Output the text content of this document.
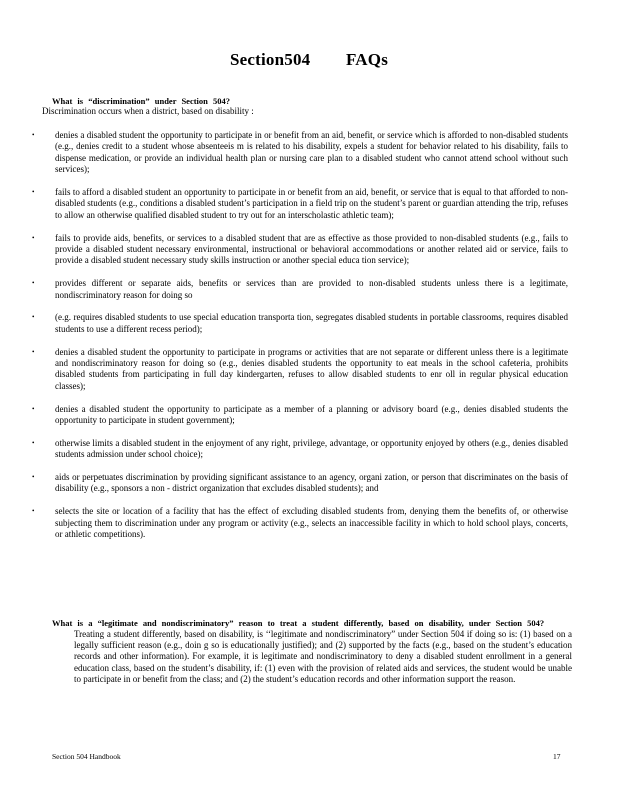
Section504        FAQs
What is “discrimination” under Section 504?
Discrimination occurs when a district, based on disability :
• denies a disabled student the opportunity to participate in or benefit from an aid, benefit, or service which is afforded to non-disabled students (e.g., denies credit to a student whose absenteeis m is related to his disability, expels a student for behavior related to his disability, fails to dispense medication, or provide an individual health plan or nursing care plan to a disabled student who cannot attend school without such services);
• fails to afford a disabled student an opportunity to participate in or benefit from an aid, benefit, or service that is equal to that afforded to non-disabled students (e.g., conditions a disabled student’s participation in a field trip on the student’s parent or guardian attending the trip, refuses to allow an otherwise qualified disabled student to try out for an interscholastic athletic team);
• fails to provide aids, benefits, or services to a disabled student that are as effective as those provided to non-disabled students (e.g., fails to provide a disabled student necessary environmental, instructional or behavioral accommodations or another related aid or service, fails to provide a disabled student necessary study skills instruction or another special educa tion service);
• provides different or separate aids, benefits or services than are provided to non-disabled students unless there is a legitimate, nondiscriminatory reason for doing so
• (e.g. requires disabled students to use special education transporta tion, segregates disabled students in portable classrooms, requires disabled students to use a different recess period);
• denies a disabled student the opportunity to participate in programs or activities that are not separate or different unless there is a legitimate and nondiscriminatory reason for doing so (e.g., denies disabled students the opportunity to eat meals in the school cafeteria, prohibits disabled students from participating in full day kindergarten, refuses to allow disabled students to enr oll in regular physical education classes);
• denies a disabled student the opportunity to participate as a member of a planning or advisory board (e.g., denies disabled students the opportunity to participate in student government);
• otherwise limits a disabled student in the enjoyment of any right, privilege, advantage, or opportunity enjoyed by others (e.g., denies disabled students admission under school choice);
• aids or perpetuates discrimination by providing significant assistance to an agency, organi zation, or person that discriminates on the basis of disability (e.g., sponsors a non - district organization that excludes disabled students); and
• selects the site or location of a facility that has the effect of excluding disabled students from, denying them the benefits of, or otherwise subjecting them to discrimination under any program or activity (e.g., selects an inaccessible facility in which to hold school plays, concerts, or athletic competitions).
What is a “legitimate and nondiscriminatory” reason to treat a student differently, based on disability, under Section 504?
Treating a student differently, based on disability, is ‘‘legitimate and nondiscriminatory” under Section 504 if doing so is: (1) based on a legally sufficient reason (e.g., doin g so is educationally justified); and (2) supported by the facts (e.g., based on the student’s education records and other information). For example, it is legitimate and nondiscriminatory to deny a disabled student enrollment in a general education class, based on the student’s disability, if: (1) even with the provision of related aids and services, the student would be unable to participate in or benefit from the class; and (2) the student’s education records and other information support the reason.
Section 504 Handbook	17
